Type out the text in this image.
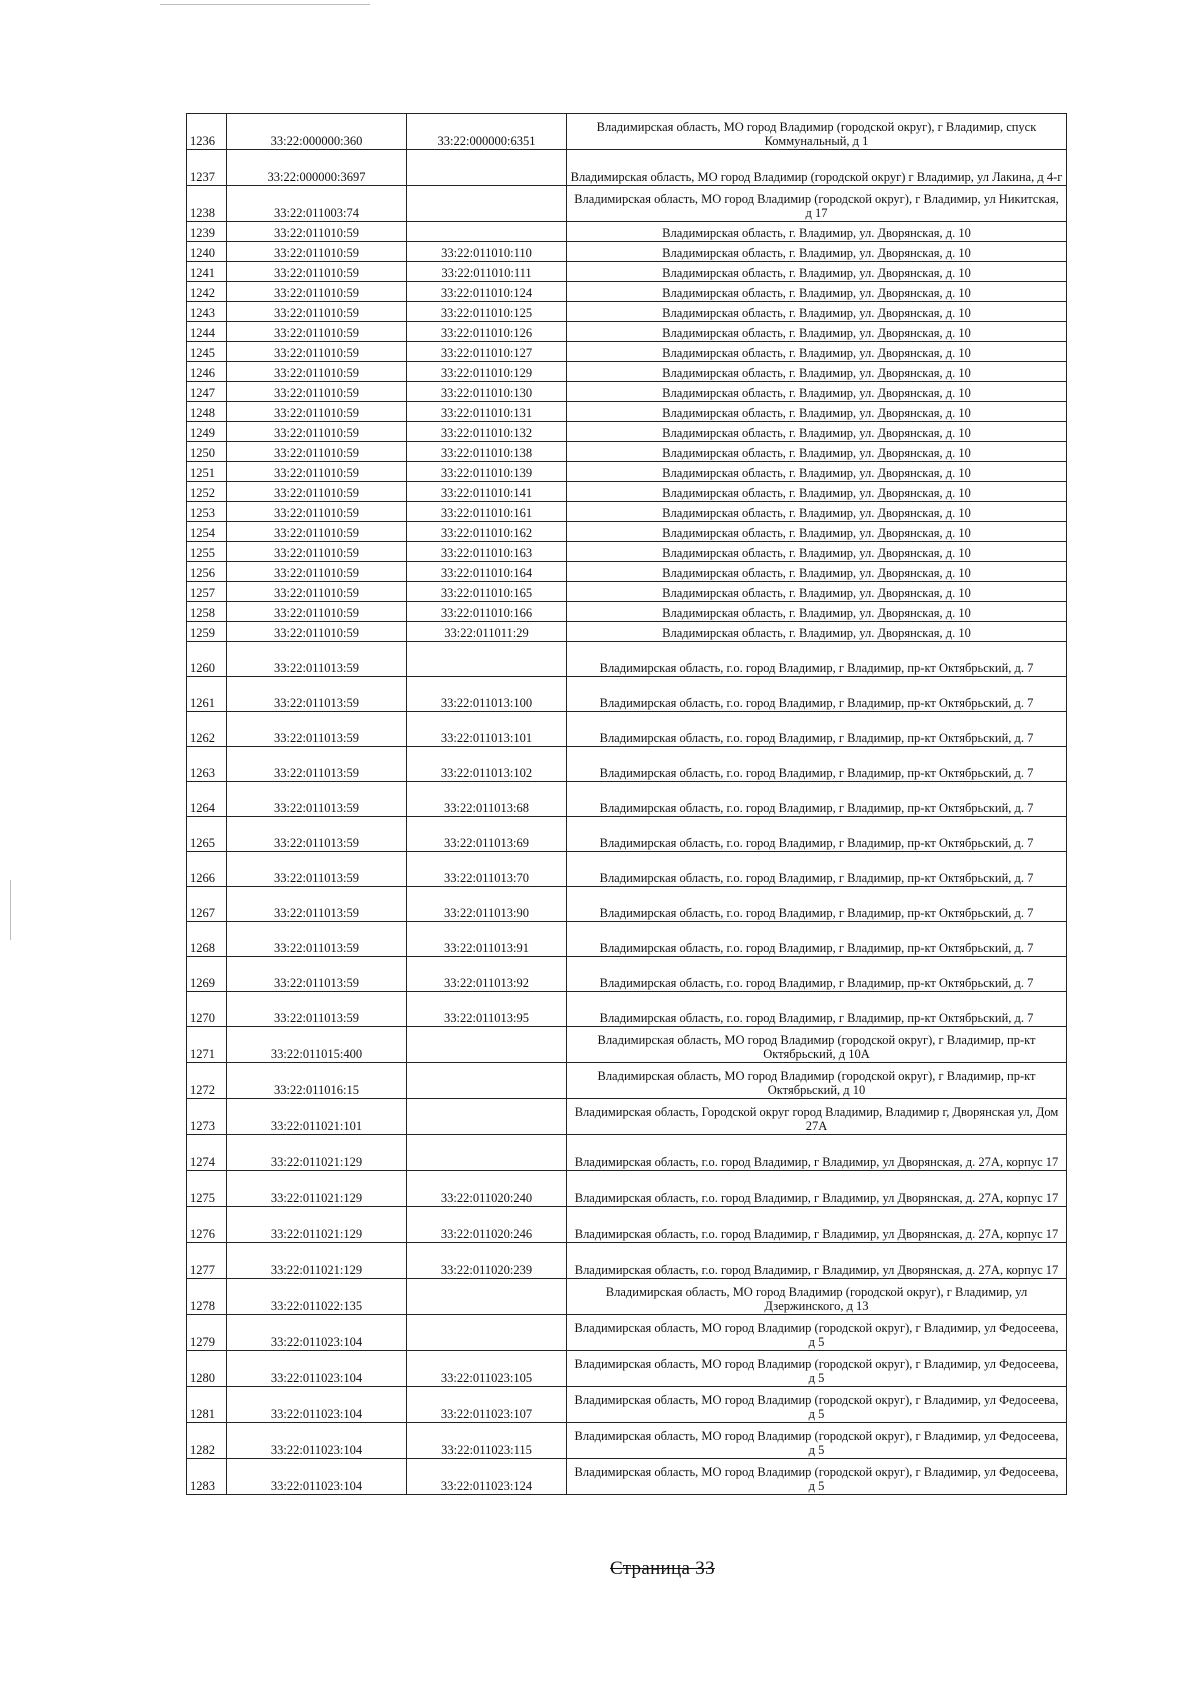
1236	33:22:000000:360	33:22:000000:6351	Владимирская область, МО город Владимир (городской округ), г Владимир, спуск Коммунальный, д 1
1237	33:22:000000:3697		Владимирская область, МО город Владимир (городской округ) г Владимир, ул Лакина, д 4-г
1238	33:22:011003:74		Владимирская область, МО город Владимир (городской округ), г Владимир, ул Никитская, д 17
1239	33:22:011010:59		Владимирская область, г. Владимир, ул. Дворянская, д. 10
1240	33:22:011010:59	33:22:011010:110	Владимирская область, г. Владимир, ул. Дворянская, д. 10
1241	33:22:011010:59	33:22:011010:111	Владимирская область, г. Владимир, ул. Дворянская, д. 10
1242	33:22:011010:59	33:22:011010:124	Владимирская область, г. Владимир, ул. Дворянская, д. 10
1243	33:22:011010:59	33:22:011010:125	Владимирская область, г. Владимир, ул. Дворянская, д. 10
1244	33:22:011010:59	33:22:011010:126	Владимирская область, г. Владимир, ул. Дворянская, д. 10
1245	33:22:011010:59	33:22:011010:127	Владимирская область, г. Владимир, ул. Дворянская, д. 10
1246	33:22:011010:59	33:22:011010:129	Владимирская область, г. Владимир, ул. Дворянская, д. 10
1247	33:22:011010:59	33:22:011010:130	Владимирская область, г. Владимир, ул. Дворянская, д. 10
1248	33:22:011010:59	33:22:011010:131	Владимирская область, г. Владимир, ул. Дворянская, д. 10
1249	33:22:011010:59	33:22:011010:132	Владимирская область, г. Владимир, ул. Дворянская, д. 10
1250	33:22:011010:59	33:22:011010:138	Владимирская область, г. Владимир, ул. Дворянская, д. 10
1251	33:22:011010:59	33:22:011010:139	Владимирская область, г. Владимир, ул. Дворянская, д. 10
1252	33:22:011010:59	33:22:011010:141	Владимирская область, г. Владимир, ул. Дворянская, д. 10
1253	33:22:011010:59	33:22:011010:161	Владимирская область, г. Владимир, ул. Дворянская, д. 10
1254	33:22:011010:59	33:22:011010:162	Владимирская область, г. Владимир, ул. Дворянская, д. 10
1255	33:22:011010:59	33:22:011010:163	Владимирская область, г. Владимир, ул. Дворянская, д. 10
1256	33:22:011010:59	33:22:011010:164	Владимирская область, г. Владимир, ул. Дворянская, д. 10
1257	33:22:011010:59	33:22:011010:165	Владимирская область, г. Владимир, ул. Дворянская, д. 10
1258	33:22:011010:59	33:22:011010:166	Владимирская область, г. Владимир, ул. Дворянская, д. 10
1259	33:22:011010:59	33:22:011011:29	Владимирская область, г. Владимир, ул. Дворянская, д. 10
1260	33:22:011013:59		Владимирская область, г.о. город Владимир, г Владимир, пр-кт Октябрьский, д. 7
1261	33:22:011013:59	33:22:011013:100	Владимирская область, г.о. город Владимир, г Владимир, пр-кт Октябрьский, д. 7
1262	33:22:011013:59	33:22:011013:101	Владимирская область, г.о. город Владимир, г Владимир, пр-кт Октябрьский, д. 7
1263	33:22:011013:59	33:22:011013:102	Владимирская область, г.о. город Владимир, г Владимир, пр-кт Октябрьский, д. 7
1264	33:22:011013:59	33:22:011013:68	Владимирская область, г.о. город Владимир, г Владимир, пр-кт Октябрьский, д. 7
1265	33:22:011013:59	33:22:011013:69	Владимирская область, г.о. город Владимир, г Владимир, пр-кт Октябрьский, д. 7
1266	33:22:011013:59	33:22:011013:70	Владимирская область, г.о. город Владимир, г Владимир, пр-кт Октябрьский, д. 7
1267	33:22:011013:59	33:22:011013:90	Владимирская область, г.о. город Владимир, г Владимир, пр-кт Октябрьский, д. 7
1268	33:22:011013:59	33:22:011013:91	Владимирская область, г.о. город Владимир, г Владимир, пр-кт Октябрьский, д. 7
1269	33:22:011013:59	33:22:011013:92	Владимирская область, г.о. город Владимир, г Владимир, пр-кт Октябрьский, д. 7
1270	33:22:011013:59	33:22:011013:95	Владимирская область, г.о. город Владимир, г Владимир, пр-кт Октябрьский, д. 7
1271	33:22:011015:400		Владимирская область, МО город Владимир (городской округ), г Владимир, пр-кт Октябрьский, д 10А
1272	33:22:011016:15		Владимирская область, МО город Владимир (городской округ), г Владимир, пр-кт Октябрьский, д 10
1273	33:22:011021:101		Владимирская область, Городской округ город Владимир, Владимир г, Дворянская ул, Дом 27А
1274	33:22:011021:129		Владимирская область, г.о. город Владимир, г Владимир, ул Дворянская, д. 27А, корпус 17
1275	33:22:011021:129	33:22:011020:240	Владимирская область, г.о. город Владимир, г Владимир, ул Дворянская, д. 27А, корпус 17
1276	33:22:011021:129	33:22:011020:246	Владимирская область, г.о. город Владимир, г Владимир, ул Дворянская, д. 27А, корпус 17
1277	33:22:011021:129	33:22:011020:239	Владимирская область, г.о. город Владимир, г Владимир, ул Дворянская, д. 27А, корпус 17
1278	33:22:011022:135		Владимирская область, МО город Владимир (городской округ), г Владимир, ул Дзержинского, д 13
1279	33:22:011023:104		Владимирская область, МО город Владимир (городской округ), г Владимир, ул Федосеева, д 5
1280	33:22:011023:104	33:22:011023:105	Владимирская область, МО город Владимир (городской округ), г Владимир, ул Федосеева, д 5
1281	33:22:011023:104	33:22:011023:107	Владимирская область, МО город Владимир (городской округ), г Владимир, ул Федосеева, д 5
1282	33:22:011023:104	33:22:011023:115	Владимирская область, МО город Владимир (городской округ), г Владимир, ул Федосеева, д 5
1283	33:22:011023:104	33:22:011023:124	Владимирская область, МО город Владимир (городской округ), г Владимир, ул Федосеева, д 5
Страница 33
